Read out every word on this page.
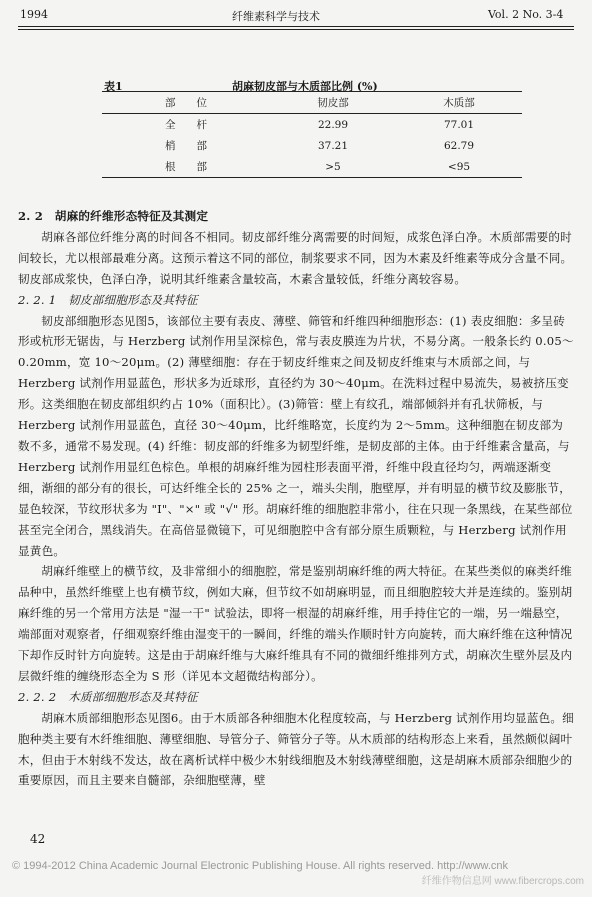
1994	纤维素科学与技术	Vol. 2 No. 3-4
表1	胡麻韧皮部与木质部比例 (%)
部　　位	韧皮部	木质部
全　　杆	22.99	77.01
梢　　部	37.21	62.79
根　　部	>5	<95

2. 2　胡麻的纤维形态特征及其测定

胡麻各部位纤维分离的时间各不相同。韧皮部纤维分离需要的时间短，成浆色泽白净。木质部需要的时间较长，尤以根部最难分离。这预示着这不同的部位，制浆要求不同，因为木素及纤维素等成分含量不同。韧皮部成浆快，色泽白净，说明其纤维素含量较高，木素含量较低，纤维分离较容易。

2. 2. 1　韧皮部细胞形态及其特征

韧皮部细胞形态见图5，该部位主要有表皮、薄壁、筛管和纤维四种细胞形态：(1) 表皮细胞：多呈砖形或杭形无锯齿，与 Herzberg 试剂作用呈深棕色，常与表皮膜连为片状，不易分离。一般条长约 0.05～0.20mm，宽 10～20μm。(2) 薄壁细胞：存在于韧皮纤维束之间及韧皮纤维束与木质部之间，与 Herzberg 试剂作用显蓝色，形状多为近球形，直径约为 30～40μm。在洗料过程中易流失，易被挤压变形。这类细胞在韧皮部组织约占 10%（面积比）。(3)筛管：壁上有纹孔，端部倾斜并有孔状筛板，与 Herzberg 试剂作用显蓝色，直径 30～40μm，比纤维略宽，长度约为 2～5mm。这种细胞在韧皮部为数不多，通常不易发现。(4) 纤维：韧皮部的纤维多为韧型纤维，是韧皮部的主体。由于纤维素含量高，与 Herzberg 试剂作用显红色棕色。单根的胡麻纤维为园柱形表面平滑，纤维中段直径均匀，两端逐渐变细，渐细的部分有的很长，可达纤维全长的 25% 之一，端头尖削，胞壁厚，并有明显的横节纹及膨胀节，显色较深，节纹形状多为 "I"、"×" 或 "√" 形。胡麻纤维的细胞腔非常小，往在只现一条黑线，在某些部位甚至完全闭合，黑线消失。在高倍显微镜下，可见细胞腔中含有部分原生质颗粒，与 Herzberg 试剂作用显黄色。

胡麻纤维壁上的横节纹，及非常细小的细胞腔，常是鉴别胡麻纤维的两大特征。在某些类似的麻类纤维品种中，虽然纤维壁上也有横节纹，例如大麻，但节纹不如胡麻明显，而且细胞腔较大并是连续的。鉴别胡麻纤维的另一个常用方法是 "湿一干" 试验法，即将一根湿的胡麻纤维，用手持住它的一端，另一端悬空，端部面对观察者，仔细观察纤维由湿变干的一瞬间，纤维的端头作顺时针方向旋转，而大麻纤维在这种情况下却作反时针方向旋转。这是由于胡麻纤维与大麻纤维具有不同的微细纤维排列方式，胡麻次生壁外层及内层微纤维的缠绕形态全为 S 形（详见本文超微结构部分）。

2. 2. 2　木质部细胞形态及其特征

胡麻木质部细胞形态见图6。由于木质部各种细胞木化程度较高，与 Herzberg 试剂作用均显蓝色。细胞种类主要有木纤维细胞、薄壁细胞、导管分子、筛管分子等。从木质部的结构形态上来看，虽然颇似阔叶木，但由于木射线不发达，故在离析试样中极少木射线细胞及木射线薄壁细胞，这是胡麻木质部杂细胞少的重要原因，而且主要来自髓部，杂细胞壁薄，壁

42
© 1994-2012 China Academic Journal Electronic Publishing House. All rights reserved. http://www.cnk
纤维作物信息网 www.fibercrops.com
